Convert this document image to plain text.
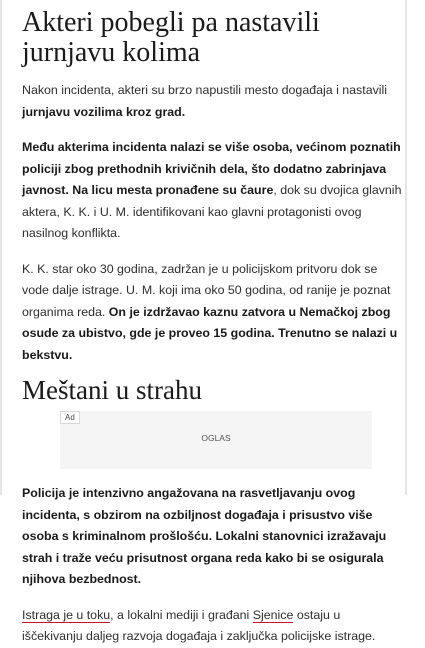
Akteri pobegli pa nastavili jurnjavu kolima

Nakon incidenta, akteri su brzo napustili mesto događaja i nastavili jurnjavu vozilima kroz grad.

Među akterima incidenta nalazi se više osoba, većinom poznatih policiji zbog prethodnih krivičnih dela, što dodatno zabrinjava javnost. Na licu mesta pronađene su čaure, dok su dvojica glavnih aktera, K. K. i U. M. identifikovani kao glavni protagonisti ovog nasilnog konflikta.

K. K. star oko 30 godina, zadržan je u policijskom pritvoru dok se vode dalje istrage. U. M. koji ima oko 50 godina, od ranije je poznat organima reda. On je izdržavao kaznu zatvora u Nemačkoj zbog osude za ubistvo, gde je proveo 15 godina. Trenutno se nalazi u bekstvu.

Meštani u strahu
Ad
OGLAS

Policija je intenzivno angažovana na rasvetljavanju ovog incidenta, s obzirom na ozbiljnost događaja i prisustvo više osoba s kriminalnom prošlošću. Lokalni stanovnici izražavaju strah i traže veću prisutnost organa reda kako bi se osigurala njihova bezbednost.

Istraga je u toku, a lokalni mediji i građani Sjenice ostaju u iščekivanju daljeg razvoja događaja i zaključka policijske istrage.
